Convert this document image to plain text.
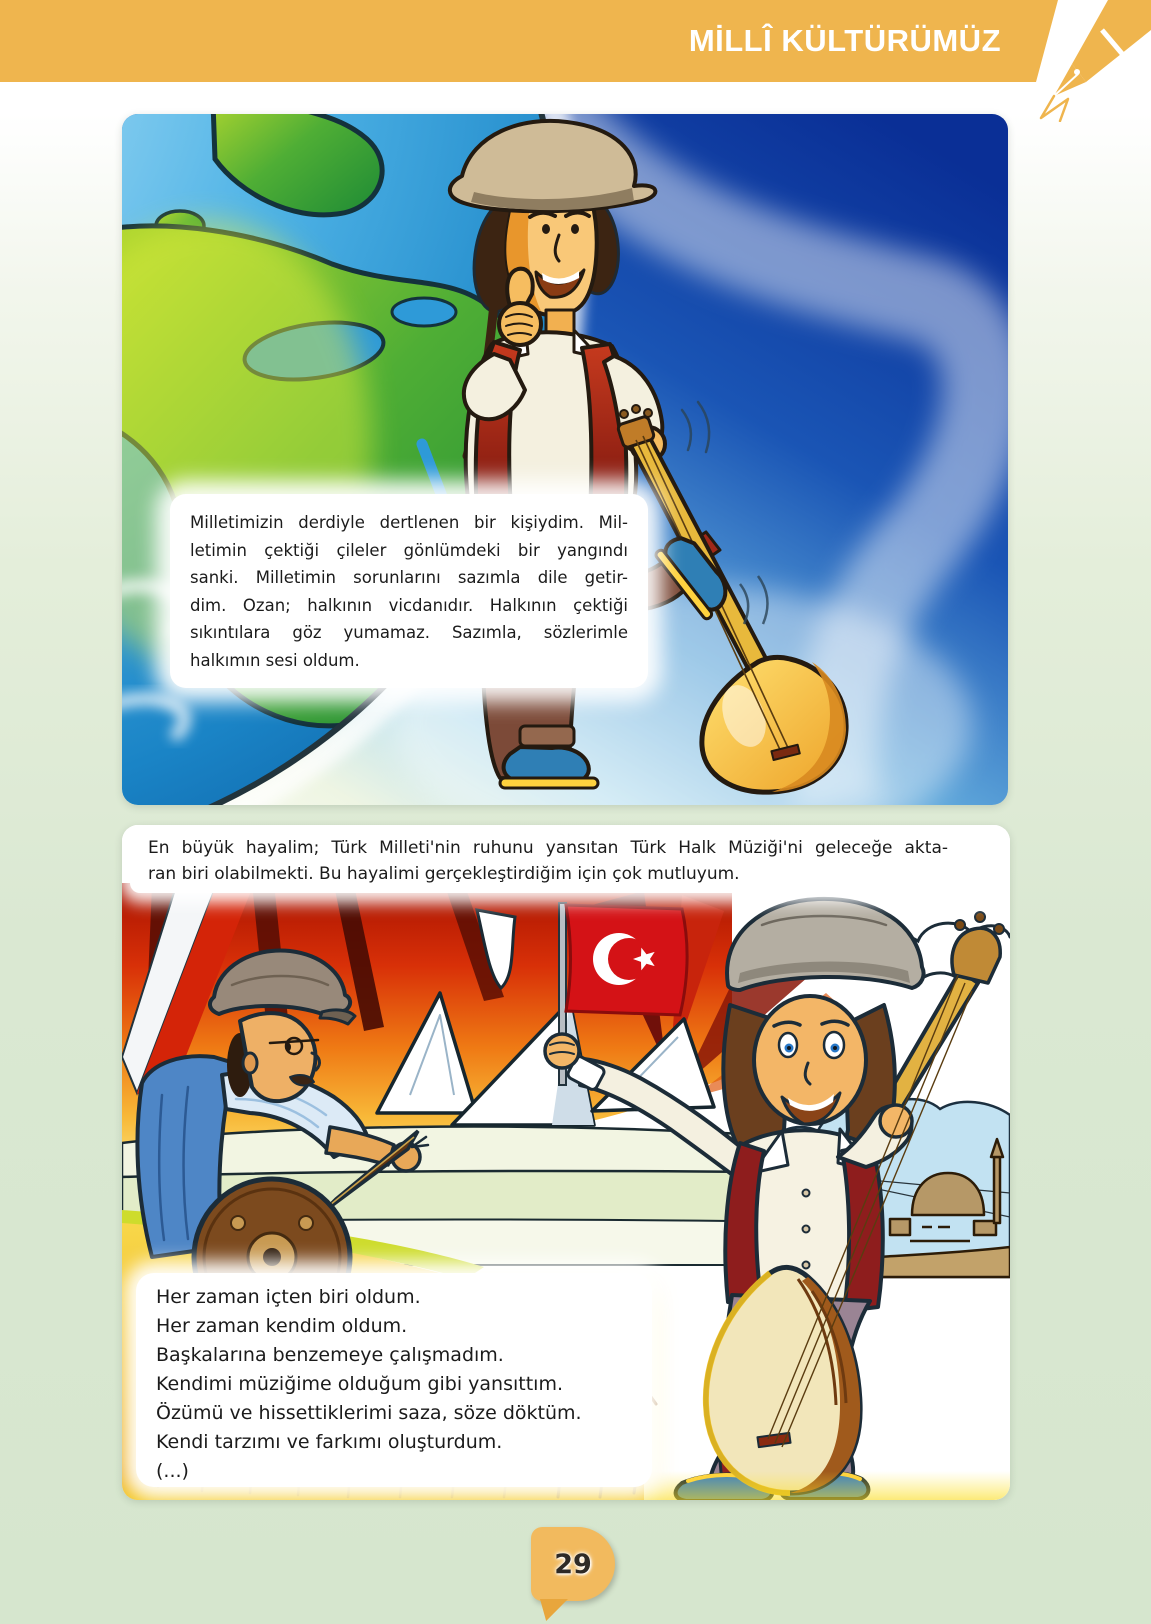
MİLLÎ KÜLTÜRÜMÜZ
Milletimizin derdiyle dertlenen bir kişiydim. Mil-
letimin çektiği çileler gönlümdeki bir yangındı
sanki. Milletimin sorunlarını sazımla dile getir-
dim. Ozan; halkının vicdanıdır. Halkının çektiği
sıkıntılara göz yumamaz. Sazımla, sözlerimle
halkımın sesi oldum.
En büyük hayalim; Türk Milleti'nin ruhunu yansıtan Türk Halk Müziği'ni geleceğe akta-
ran biri olabilmekti. Bu hayalimi gerçekleştirdiğim için çok mutluyum.
Her zaman içten biri oldum.
Her zaman kendim oldum.
Başkalarına benzemeye çalışmadım.
Kendimi müziğime olduğum gibi yansıttım.
Özümü ve hissettiklerimi saza, söze döktüm.
Kendi tarzımı ve farkımı oluşturdum.
(...)
29
